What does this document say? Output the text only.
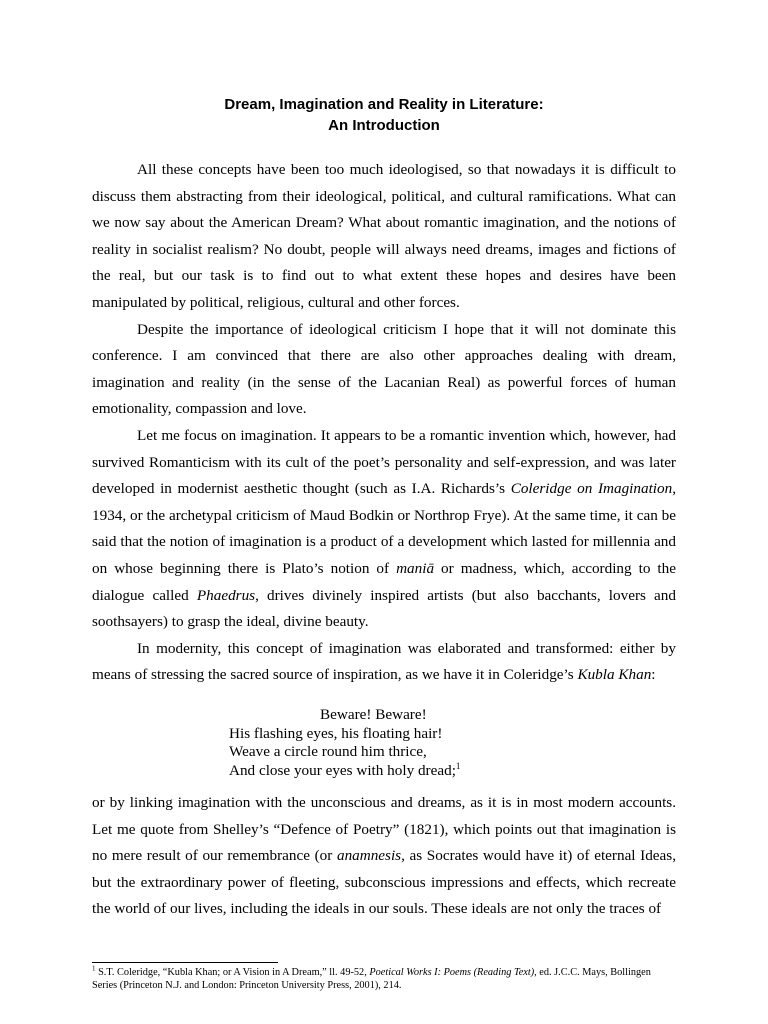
Dream, Imagination and Reality in Literature:
An Introduction

All these concepts have been too much ideologised, so that nowadays it is difficult to discuss them abstracting from their ideological, political, and cultural ramifications. What can we now say about the American Dream? What about romantic imagination, and the notions of reality in socialist realism? No doubt, people will always need dreams, images and fictions of the real, but our task is to find out to what extent these hopes and desires have been manipulated by political, religious, cultural and other forces.

Despite the importance of ideological criticism I hope that it will not dominate this conference. I am convinced that there are also other approaches dealing with dream, imagination and reality (in the sense of the Lacanian Real) as powerful forces of human emotionality, compassion and love.

Let me focus on imagination. It appears to be a romantic invention which, however, had survived Romanticism with its cult of the poet’s personality and self-expression, and was later developed in modernist aesthetic thought (such as I.A. Richards’s Coleridge on Imagination, 1934, or the archetypal criticism of Maud Bodkin or Northrop Frye). At the same time, it can be said that the notion of imagination is a product of a development which lasted for millennia and on whose beginning there is Plato’s notion of maniā or madness, which, according to the dialogue called Phaedrus, drives divinely inspired artists (but also bacchants, lovers and soothsayers) to grasp the ideal, divine beauty.

In modernity, this concept of imagination was elaborated and transformed: either by means of stressing the sacred source of inspiration, as we have it in Coleridge’s Kubla Khan:

Beware! Beware!
His flashing eyes, his floating hair!
Weave a circle round him thrice,
And close your eyes with holy dread;$^1$

or by linking imagination with the unconscious and dreams, as it is in most modern accounts. Let me quote from Shelley’s “Defence of Poetry” (1821), which points out that imagination is no mere result of our remembrance (or anamnesis, as Socrates would have it) of eternal Ideas, but the extraordinary power of fleeting, subconscious impressions and effects, which recreate the world of our lives, including the ideals in our souls. These ideals are not only the traces of

$^1$ S.T. Coleridge, “Kubla Khan; or A Vision in A Dream,” ll. 49-52, Poetical Works I: Poems (Reading Text), ed. J.C.C. Mays, Bollingen Series (Princeton N.J. and London: Princeton University Press, 2001), 214.
